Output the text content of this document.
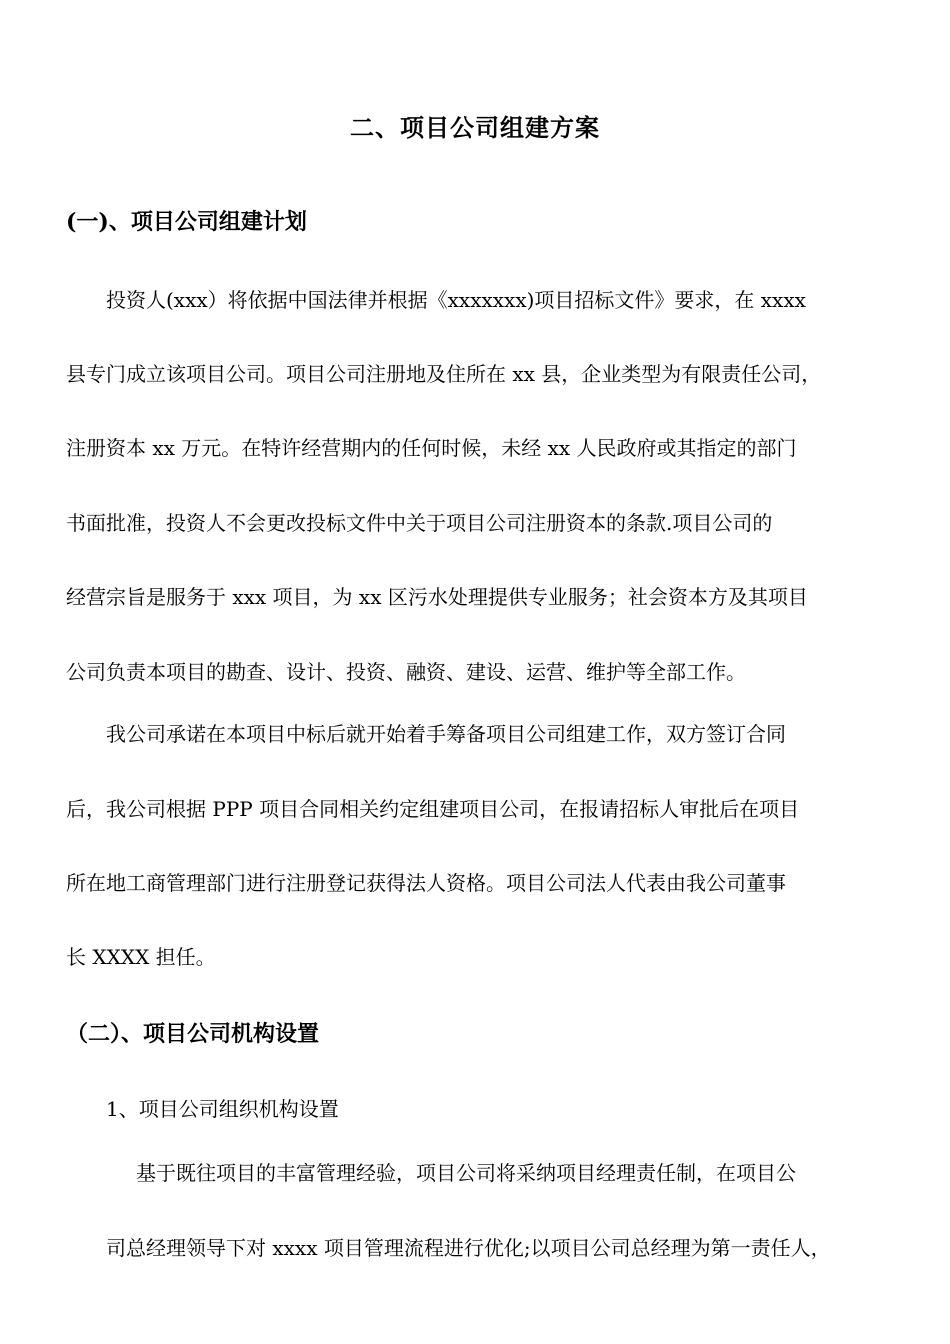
二、项目公司组建方案
(一)、项目公司组建计划
投资人(xxx）将依据中国法律并根据《xxxxxxx)项目招标文件》要求，在 xxxx
县专门成立该项目公司。项目公司注册地及住所在 xx 县，企业类型为有限责任公司，
注册资本 xx 万元。在特许经营期内的任何时候，未经 xx 人民政府或其指定的部门
书面批准，投资人不会更改投标文件中关于项目公司注册资本的条款.项目公司的
经营宗旨是服务于 xxx 项目，为 xx 区污水处理提供专业服务；社会资本方及其项目
公司负责本项目的勘查、设计、投资、融资、建设、运营、维护等全部工作。
我公司承诺在本项目中标后就开始着手筹备项目公司组建工作，双方签订合同
后，我公司根据 PPP 项目合同相关约定组建项目公司，在报请招标人审批后在项目
所在地工商管理部门进行注册登记获得法人资格。项目公司法人代表由我公司董事
长 XXXX 担任。
（二）、项目公司机构设置
1、项目公司组织机构设置
基于既往项目的丰富管理经验，项目公司将采纳项目经理责任制，在项目公
司总经理领导下对 xxxx 项目管理流程进行优化;以项目公司总经理为第一责任人，
